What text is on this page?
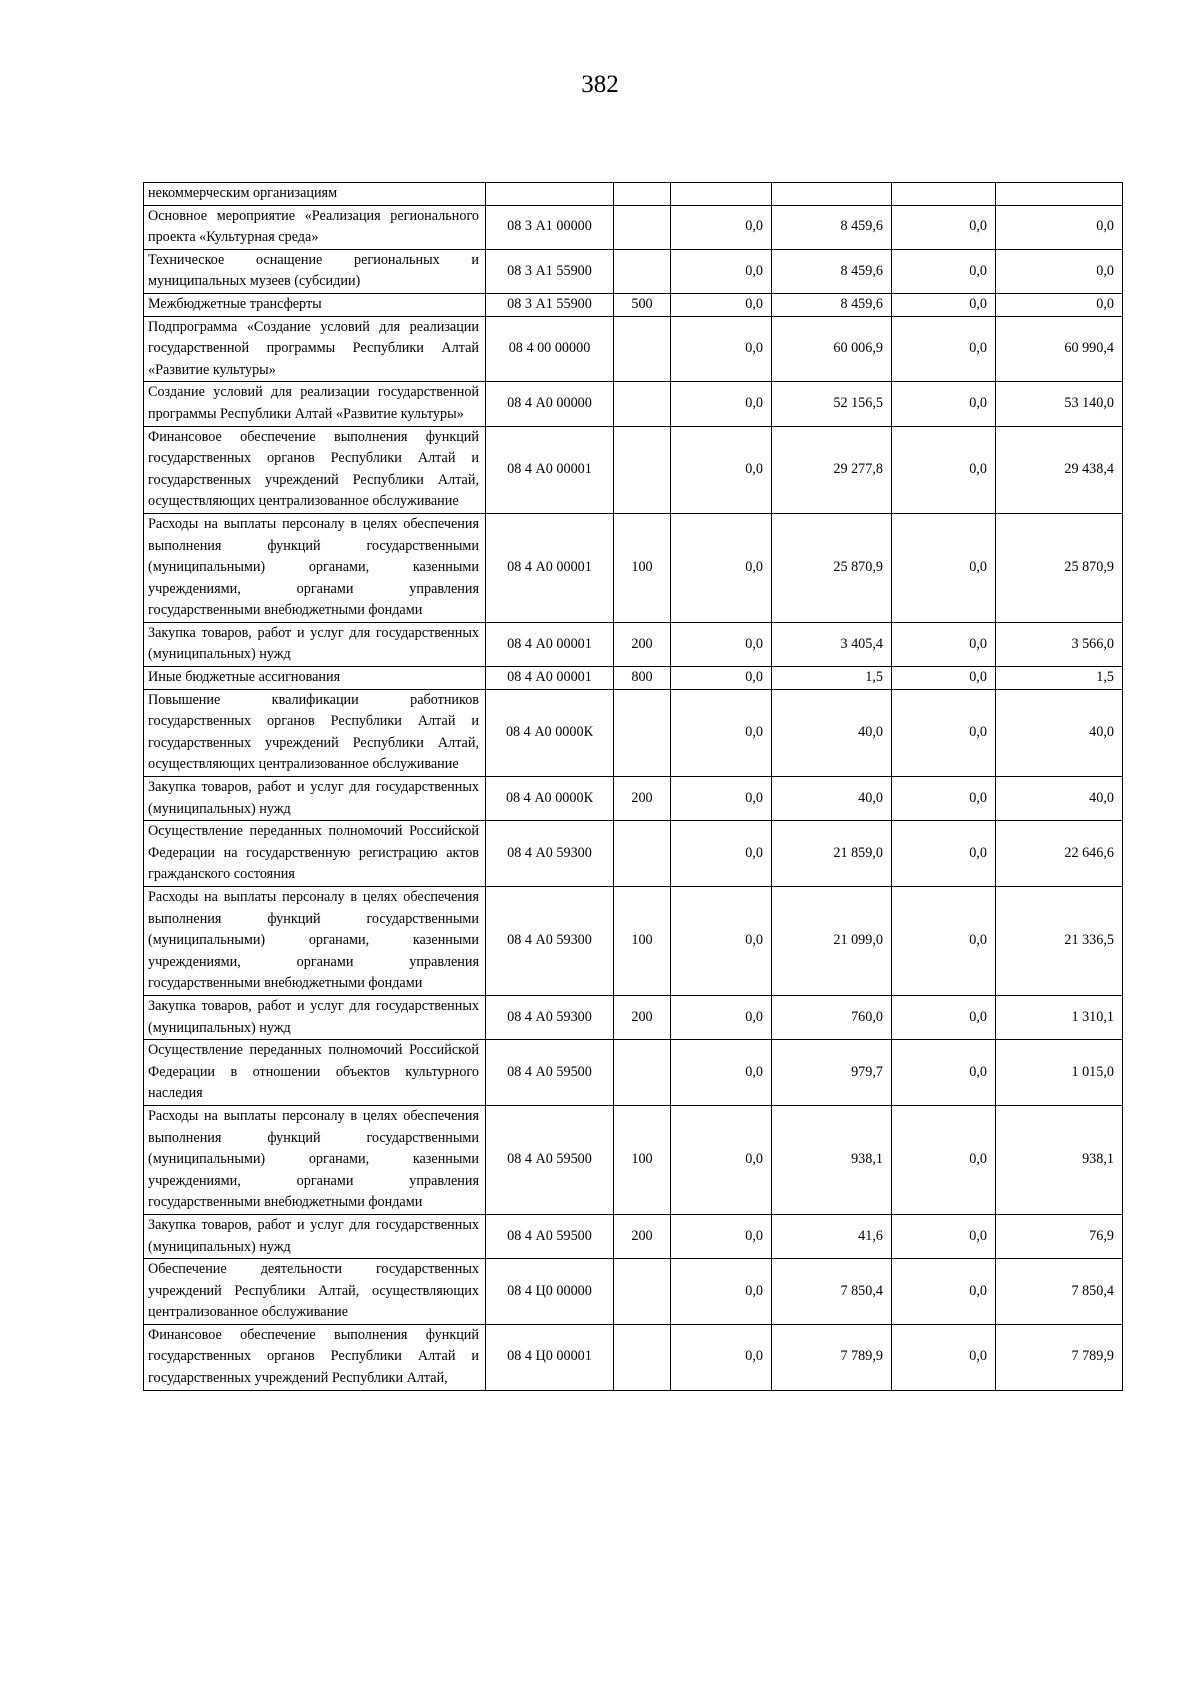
382
некоммерческим организациям						
Основное мероприятие «Реализация регионального проекта «Культурная среда»	08 3 А1 00000		0,0	8 459,6	0,0	0,0
Техническое оснащение региональных и муниципальных музеев (субсидии)	08 3 А1 55900		0,0	8 459,6	0,0	0,0
Межбюджетные трансферты	08 3 А1 55900	500	0,0	8 459,6	0,0	0,0
Подпрограмма «Создание условий для реализации государственной программы Республики Алтай «Развитие культуры»	08 4 00 00000		0,0	60 006,9	0,0	60 990,4
Создание условий для реализации государственной программы Республики Алтай «Развитие культуры»	08 4 А0 00000		0,0	52 156,5	0,0	53 140,0
Финансовое обеспечение выполнения функций государственных органов Республики Алтай и государственных учреждений Республики Алтай, осуществляющих централизованное обслуживание	08 4 А0 00001		0,0	29 277,8	0,0	29 438,4
Расходы на выплаты персоналу в целях обеспечения выполнения функций государственными (муниципальными) органами, казенными учреждениями, органами управления государственными внебюджетными фондами	08 4 А0 00001	100	0,0	25 870,9	0,0	25 870,9
Закупка товаров, работ и услуг для государственных (муниципальных) нужд	08 4 А0 00001	200	0,0	3 405,4	0,0	3 566,0
Иные бюджетные ассигнования	08 4 А0 00001	800	0,0	1,5	0,0	1,5
Повышение квалификации работников государственных органов Республики Алтай и государственных учреждений Республики Алтай, осуществляющих централизованное обслуживание	08 4 А0 0000К		0,0	40,0	0,0	40,0
Закупка товаров, работ и услуг для государственных (муниципальных) нужд	08 4 А0 0000К	200	0,0	40,0	0,0	40,0
Осуществление переданных полномочий Российской Федерации на государственную регистрацию актов гражданского состояния	08 4 А0 59300		0,0	21 859,0	0,0	22 646,6
Расходы на выплаты персоналу в целях обеспечения выполнения функций государственными (муниципальными) органами, казенными учреждениями, органами управления государственными внебюджетными фондами	08 4 А0 59300	100	0,0	21 099,0	0,0	21 336,5
Закупка товаров, работ и услуг для государственных (муниципальных) нужд	08 4 А0 59300	200	0,0	760,0	0,0	1 310,1
Осуществление переданных полномочий Российской Федерации в отношении объектов культурного наследия	08 4 А0 59500		0,0	979,7	0,0	1 015,0
Расходы на выплаты персоналу в целях обеспечения выполнения функций государственными (муниципальными) органами, казенными учреждениями, органами управления государственными внебюджетными фондами	08 4 А0 59500	100	0,0	938,1	0,0	938,1
Закупка товаров, работ и услуг для государственных (муниципальных) нужд	08 4 А0 59500	200	0,0	41,6	0,0	76,9
Обеспечение деятельности государственных учреждений Республики Алтай, осуществляющих централизованное обслуживание	08 4 Ц0 00000		0,0	7 850,4	0,0	7 850,4
Финансовое обеспечение выполнения функций государственных органов Республики Алтай и государственных учреждений Республики Алтай,	08 4 Ц0 00001		0,0	7 789,9	0,0	7 789,9
